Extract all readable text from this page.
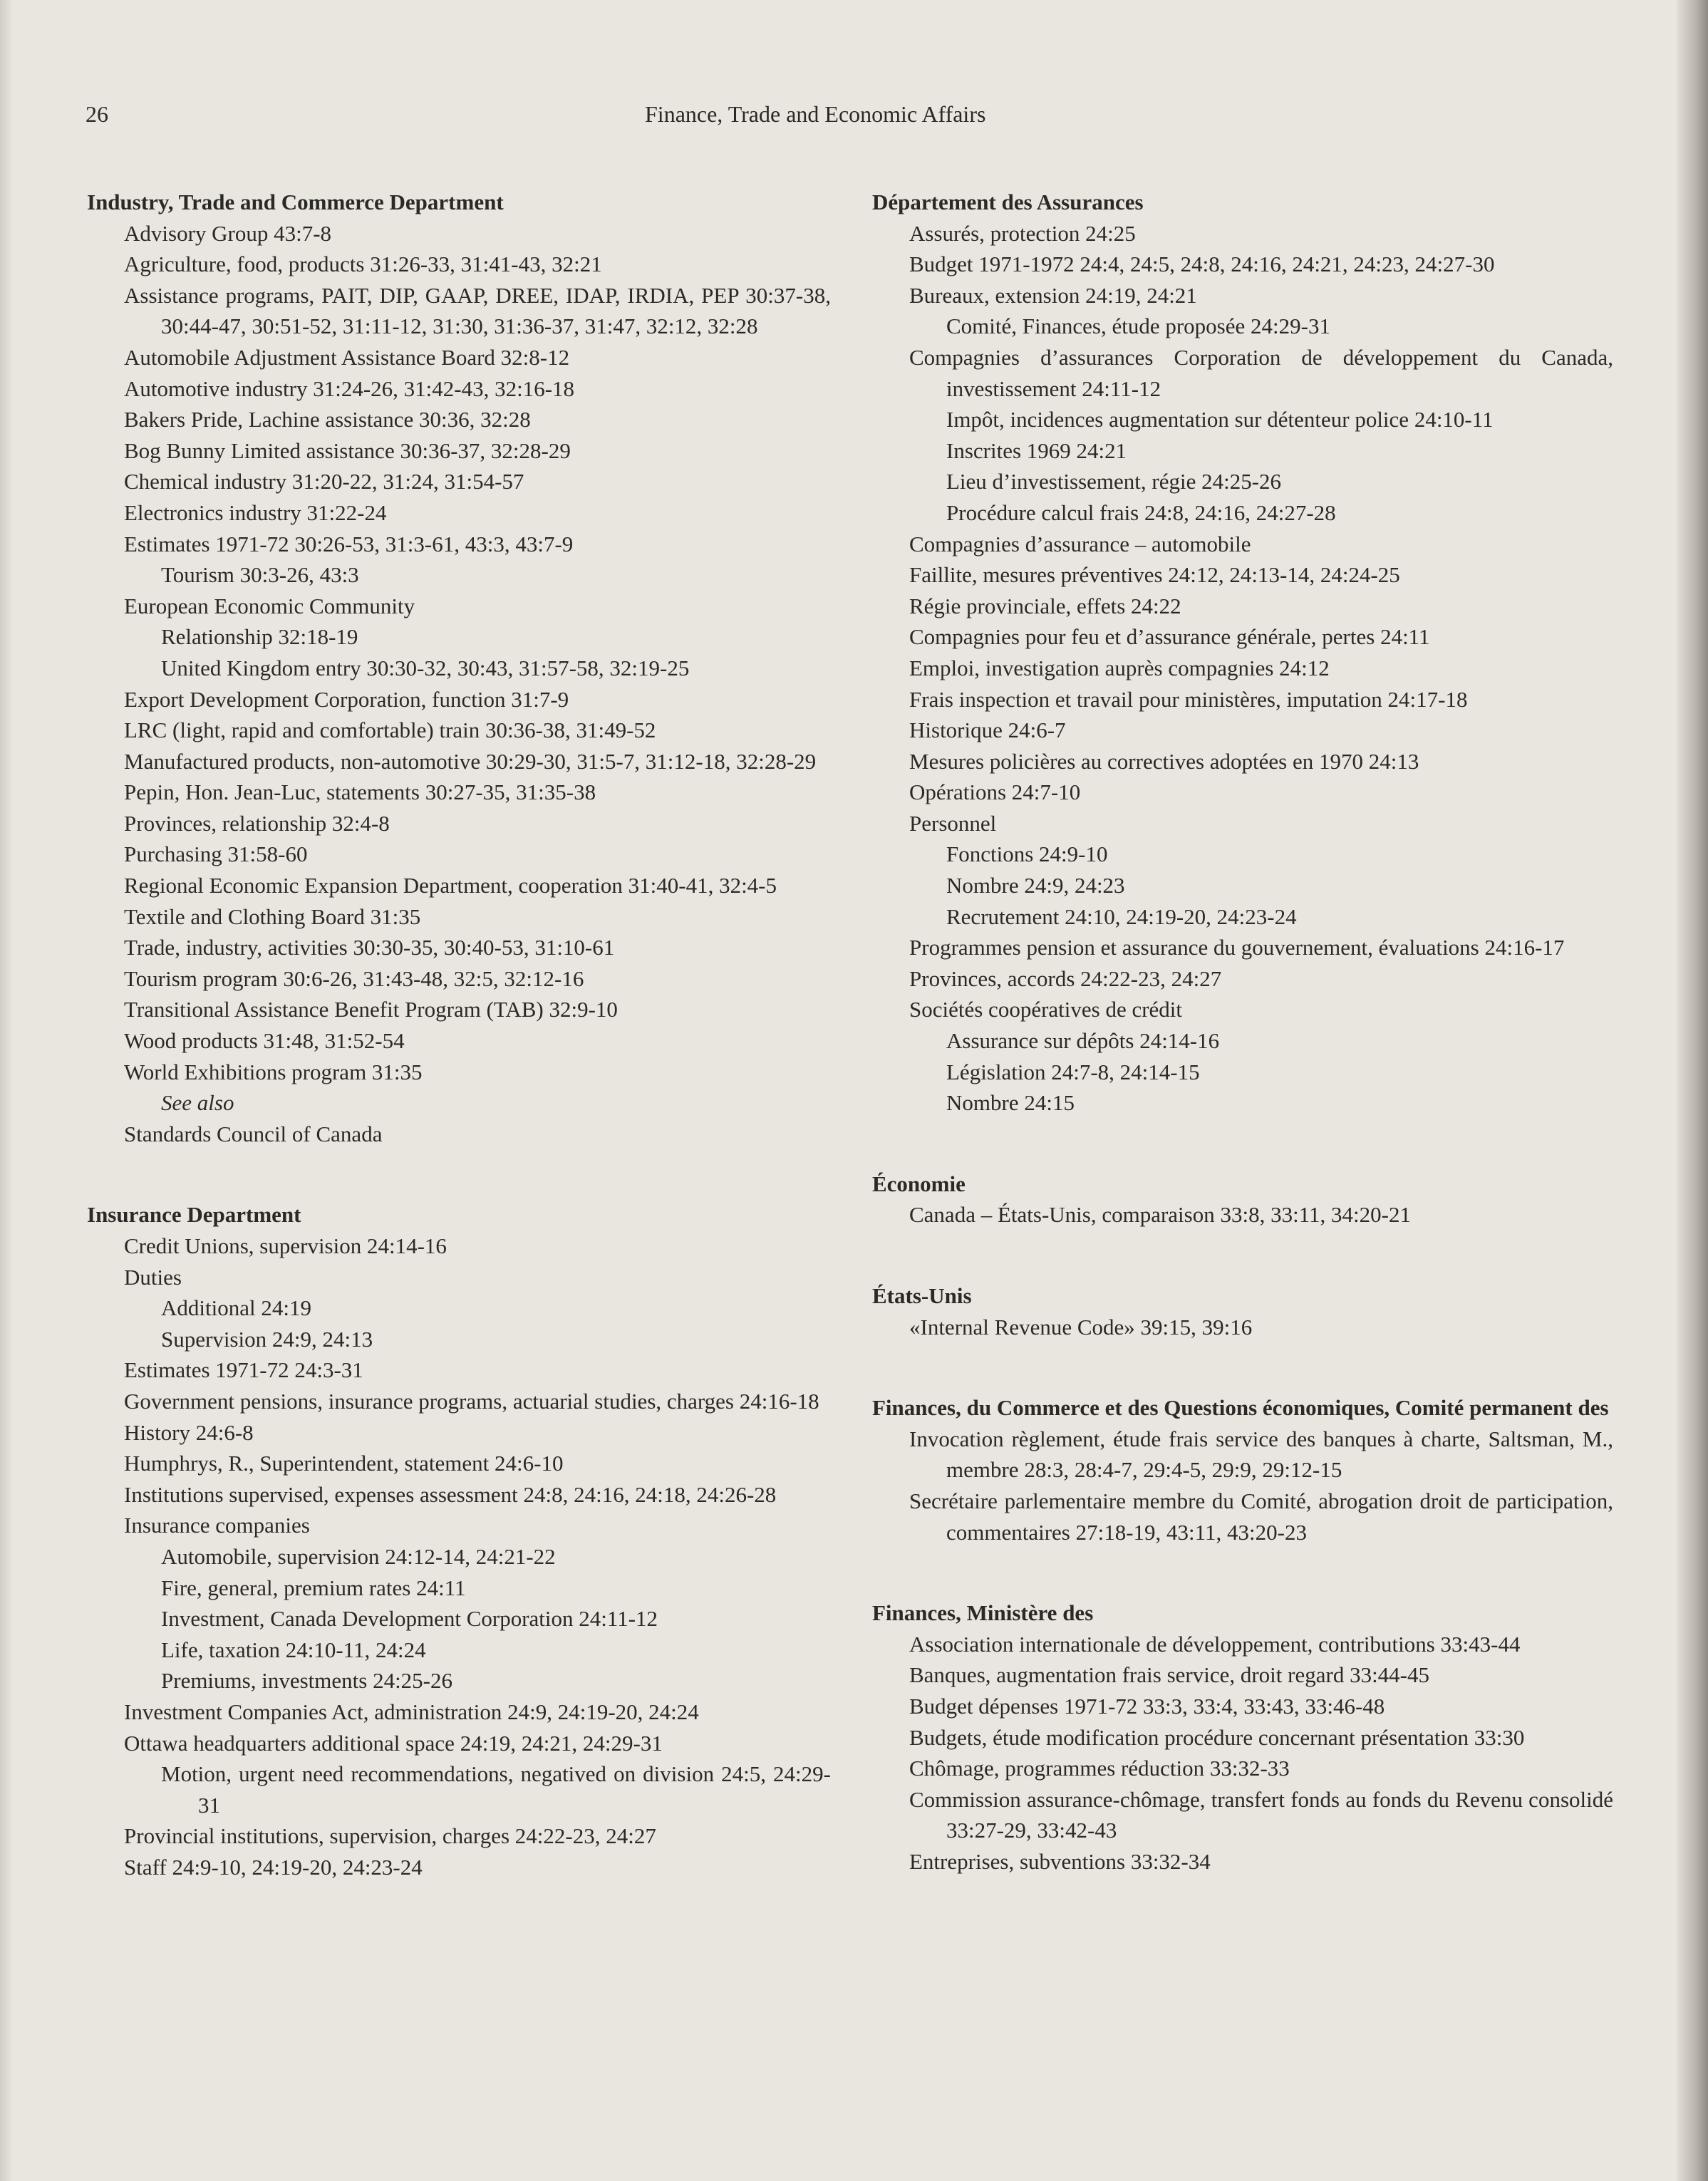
26	Finance, Trade and Economic Affairs
Industry, Trade and Commerce Department
Advisory Group 43:7-8
Agriculture, food, products 31:26-33, 31:41-43, 32:21
Assistance programs, PAIT, DIP, GAAP, DREE, IDAP, IRDIA, PEP 30:37-38, 30:44-47, 30:51-52, 31:11-12, 31:30, 31:36-37, 31:47, 32:12, 32:28
Automobile Adjustment Assistance Board 32:8-12
Automotive industry 31:24-26, 31:42-43, 32:16-18
Bakers Pride, Lachine assistance 30:36, 32:28
Bog Bunny Limited assistance 30:36-37, 32:28-29
Chemical industry 31:20-22, 31:24, 31:54-57
Electronics industry 31:22-24
Estimates 1971-72 30:26-53, 31:3-61, 43:3, 43:7-9
Tourism 30:3-26, 43:3
European Economic Community
Relationship 32:18-19
United Kingdom entry 30:30-32, 30:43, 31:57-58, 32:19-25
Export Development Corporation, function 31:7-9
LRC (light, rapid and comfortable) train 30:36-38, 31:49-52
Manufactured products, non-automotive 30:29-30, 31:5-7, 31:12-18, 32:28-29
Pepin, Hon. Jean-Luc, statements 30:27-35, 31:35-38
Provinces, relationship 32:4-8
Purchasing 31:58-60
Regional Economic Expansion Department, cooperation 31:40-41, 32:4-5
Textile and Clothing Board 31:35
Trade, industry, activities 30:30-35, 30:40-53, 31:10-61
Tourism program 30:6-26, 31:43-48, 32:5, 32:12-16
Transitional Assistance Benefit Program (TAB) 32:9-10
Wood products 31:48, 31:52-54
World Exhibitions program 31:35
See also
Standards Council of Canada
Insurance Department
Credit Unions, supervision 24:14-16
Duties
Additional 24:19
Supervision 24:9, 24:13
Estimates 1971-72 24:3-31
Government pensions, insurance programs, actuarial studies, charges 24:16-18
History 24:6-8
Humphrys, R., Superintendent, statement 24:6-10
Institutions supervised, expenses assessment 24:8, 24:16, 24:18, 24:26-28
Insurance companies
Automobile, supervision 24:12-14, 24:21-22
Fire, general, premium rates 24:11
Investment, Canada Development Corporation 24:11-12
Life, taxation 24:10-11, 24:24
Premiums, investments 24:25-26
Investment Companies Act, administration 24:9, 24:19-20, 24:24
Ottawa headquarters additional space 24:19, 24:21, 24:29-31
Motion, urgent need recommendations, negatived on division 24:5, 24:29-31
Provincial institutions, supervision, charges 24:22-23, 24:27
Staff 24:9-10, 24:19-20, 24:23-24
Département des Assurances
Assurés, protection 24:25
Budget 1971-1972 24:4, 24:5, 24:8, 24:16, 24:21, 24:23, 24:27-30
Bureaux, extension 24:19, 24:21
Comité, Finances, étude proposée 24:29-31
Compagnies d’assurances Corporation de développement du Canada, investissement 24:11-12
Impôt, incidences augmentation sur détenteur police 24:10-11
Inscrites 1969 24:21
Lieu d’investissement, régie 24:25-26
Procédure calcul frais 24:8, 24:16, 24:27-28
Compagnies d’assurance – automobile
Faillite, mesures préventives 24:12, 24:13-14, 24:24-25
Régie provinciale, effets 24:22
Compagnies pour feu et d’assurance générale, pertes 24:11
Emploi, investigation auprès compagnies 24:12
Frais inspection et travail pour ministères, imputation 24:17-18
Historique 24:6-7
Mesures policières au correctives adoptées en 1970 24:13
Opérations 24:7-10
Personnel
Fonctions 24:9-10
Nombre 24:9, 24:23
Recrutement 24:10, 24:19-20, 24:23-24
Programmes pension et assurance du gouvernement, évaluations 24:16-17
Provinces, accords 24:22-23, 24:27
Sociétés coopératives de crédit
Assurance sur dépôts 24:14-16
Législation 24:7-8, 24:14-15
Nombre 24:15
Économie
Canada – États-Unis, comparaison 33:8, 33:11, 34:20-21
États-Unis
«Internal Revenue Code» 39:15, 39:16
Finances, du Commerce et des Questions économiques, Comité permanent des
Invocation règlement, étude frais service des banques à charte, Saltsman, M., membre 28:3, 28:4-7, 29:4-5, 29:9, 29:12-15
Secrétaire parlementaire membre du Comité, abrogation droit de participation, commentaires 27:18-19, 43:11, 43:20-23
Finances, Ministère des
Association internationale de développement, contributions 33:43-44
Banques, augmentation frais service, droit regard 33:44-45
Budget dépenses 1971-72 33:3, 33:4, 33:43, 33:46-48
Budgets, étude modification procédure concernant présentation 33:30
Chômage, programmes réduction 33:32-33
Commission assurance-chômage, transfert fonds au fonds du Revenu consolidé 33:27-29, 33:42-43
Entreprises, subventions 33:32-34
